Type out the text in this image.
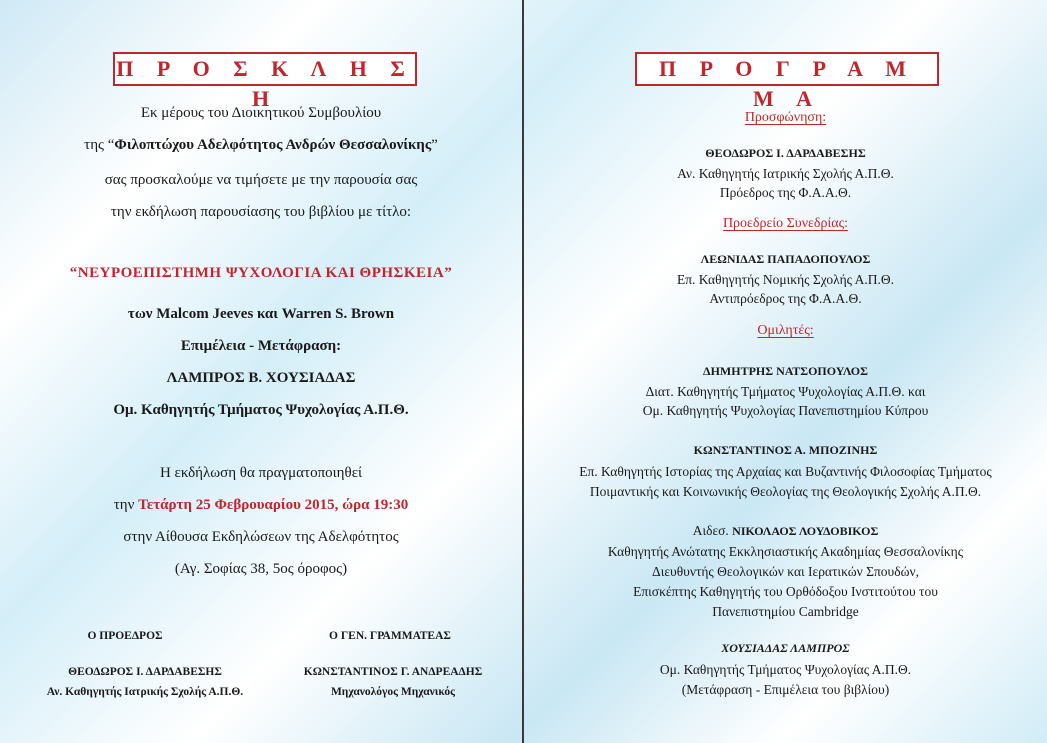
Π Ρ Ο Σ Κ Λ Η Σ Η
Εκ μέρους του Διοικητικού Συμβουλίου
της “Φιλοπτώχου Αδελφότητος Ανδρών Θεσσαλονίκης”
σας προσκαλούμε να τιμήσετε με την παρουσία σας
την εκδήλωση παρουσίασης του βιβλίου με τίτλο:
“ΝΕΥΡΟΕΠΙΣΤΗΜΗ ΨΥΧΟΛΟΓΙΑ ΚΑΙ ΘΡΗΣΚΕΙΑ”
των Malcom Jeeves και Warren S. Brown
Επιμέλεια - Μετάφραση:
ΛΑΜΠΡΟΣ Β. ΧΟΥΣΙΑΔΑΣ
Ομ. Καθηγητής Τμήματος Ψυχολογίας Α.Π.Θ.
Η εκδήλωση θα πραγματοποιηθεί
την Τετάρτη 25 Φεβρουαρίου 2015, ώρα 19:30
στην Αίθουσα Εκδηλώσεων της Αδελφότητος
(Αγ. Σοφίας 38, 5ος όροφος)
Ο ΠΡΟΕΔΡΟΣ
ΘΕΟΔΩΡΟΣ Ι. ΔΑΡΔΑΒΕΣΗΣ
Αν. Καθηγητής Ιατρικής Σχολής Α.Π.Θ.
Ο ΓΕΝ. ΓΡΑΜΜΑΤΕΑΣ
ΚΩΝΣΤΑΝΤΙΝΟΣ Γ. ΑΝΔΡΕΑΔΗΣ
Μηχανολόγος Μηχανικός
Π Ρ Ο Γ Ρ Α Μ Μ Α
Προσφώνηση:
ΘΕΟΔΩΡΟΣ Ι. ΔΑΡΔΑΒΕΣΗΣ
Αν. Καθηγητής Ιατρικής Σχολής Α.Π.Θ.
Πρόεδρος της Φ.Α.Α.Θ.
Προεδρείο Συνεδρίας:
ΛΕΩΝΙΔΑΣ ΠΑΠΑΔΟΠΟΥΛΟΣ
Επ. Καθηγητής Νομικής Σχολής Α.Π.Θ.
Αντιπρόεδρος της Φ.Α.Α.Θ.
Ομιλητές:
ΔΗΜΗΤΡΗΣ ΝΑΤΣΟΠΟΥΛΟΣ
Διατ. Καθηγητής Τμήματος Ψυχολογίας Α.Π.Θ. και
Ομ. Καθηγητής Ψυχολογίας Πανεπιστημίου Κύπρου
ΚΩΝΣΤΑΝΤΙΝΟΣ Α. ΜΠΟΖΙΝΗΣ
Επ. Καθηγητής Ιστορίας της Αρχαίας και Βυζαντινής Φιλοσοφίας Τμήματος
Ποιμαντικής και Κοινωνικής Θεολογίας της Θεολογικής Σχολής Α.Π.Θ.
Αιδεσ. ΝΙΚΟΛΑΟΣ ΛΟΥΔΟΒΙΚΟΣ
Καθηγητής Ανώτατης Εκκλησιαστικής Ακαδημίας Θεσσαλονίκης
Διευθυντής Θεολογικών και Ιερατικών Σπουδών,
Επισκέπτης Καθηγητής του Ορθόδοξου Ινστιτούτου του
Πανεπιστημίου Cambridge
ΧΟΥΣΙΑΔΑΣ ΛΑΜΠΡΟΣ
Ομ. Καθηγητής Τμήματος Ψυχολογίας Α.Π.Θ.
(Μετάφραση - Επιμέλεια του βιβλίου)
